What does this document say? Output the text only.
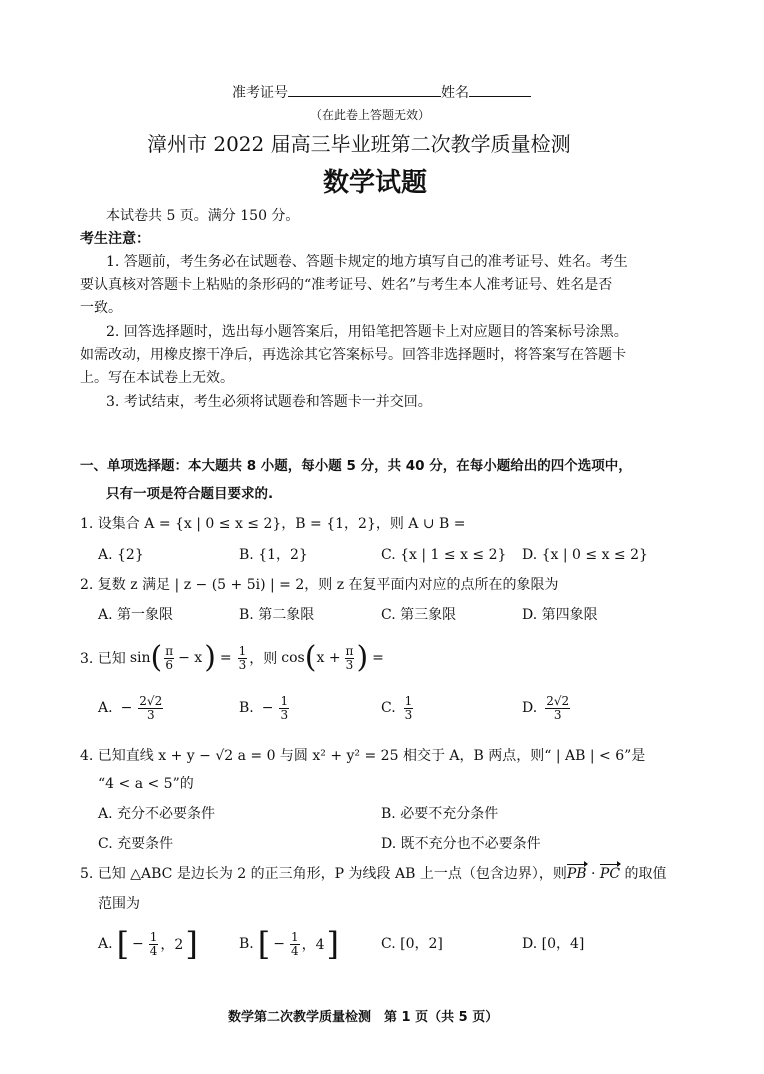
准考证号	姓名
（在此卷上答题无效）
漳州市 2022 届高三毕业班第二次教学质量检测
数学试题
本试卷共 5 页。满分 150 分。
考生注意：
1. 答题前，考生务必在试题卷、答题卡规定的地方填写自己的准考证号、姓名。考生
要认真核对答题卡上粘贴的条形码的“准考证号、姓名”与考生本人准考证号、姓名是否
一致。
2. 回答选择题时，选出每小题答案后，用铅笔把答题卡上对应题目的答案标号涂黑。
如需改动，用橡皮擦干净后，再选涂其它答案标号。回答非选择题时，将答案写在答题卡
上。写在本试卷上无效。
3. 考试结束，考生必须将试题卷和答题卡一并交回。
一、单项选择题：本大题共 8 小题，每小题 5 分，共 40 分，在每小题给出的四个选项中，
只有一项是符合题目要求的.
1. 设集合 A = {x | 0 ≤ x ≤ 2}，B = {1，2}，则 A ∪ B =
A. {2}	B. {1，2}	C. {x | 1 ≤ x ≤ 2} D. {x | 0 ≤ x ≤ 2}
2. 复数 z 满足 | z − (5 + 5i) | = 2，则 z 在复平面内对应的点所在的象限为
A. 第一象限	B. 第二象限	C. 第三象限	D. 第四象限
3. 已知 sin ( $\frac{\pi}{6} - x$ ) = $\frac{1}{3}$ ，则 cos ( $x + \frac{\pi}{3}$ ) =
A. − $\frac{2√2}{3}$	B. − $\frac{1}{3}$	C. $\frac{1}{3}$	D. $\frac{2√2}{3}$
4. 已知直线 x + y − √2 a = 0 与圆 x² + y² = 25 相交于 A，B 两点，则“ | AB | < 6”是
“4 < a < 5”的
A. 充分不必要条件	B. 必要不充分条件
C. 充要条件	D. 既不充分也不必要条件
5. 已知 △ABC 是边长为 2 的正三角形，P 为线段 AB 上一点（包含边界），则PB · PC 的取值
范围为
A. [ − $\frac{1}{4}$ ，2 ]	B. [ − $\frac{1}{4}$ ，4 ]	C. [0，2]	D. [0，4]
数学第二次教学质量检测　第 1 页（共 5 页）
